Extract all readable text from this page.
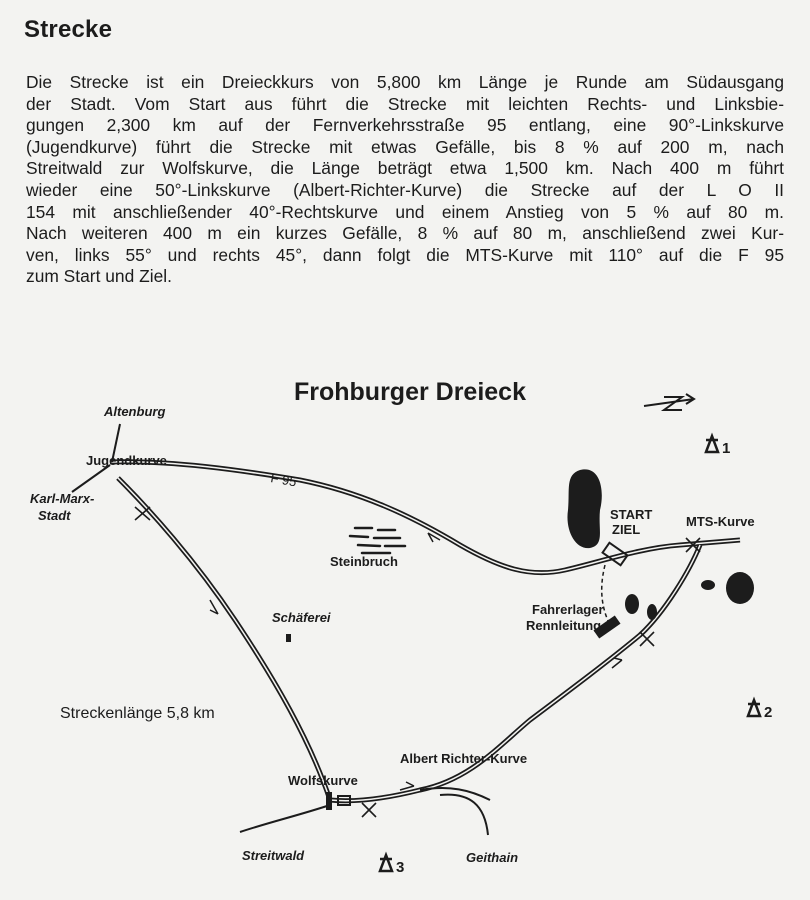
Strecke

Die Strecke ist ein Dreieckkurs von 5,800 km Länge je Runde am Südausgang
der Stadt. Vom Start aus führt die Strecke mit leichten Rechts- und Linksbie-
gungen 2,300 km auf der Fernverkehrsstraße 95 entlang, eine 90°-Linkskurve
(Jugendkurve) führt die Strecke mit etwas Gefälle, bis 8 % auf 200 m, nach
Streitwald zur Wolfskurve, die Länge beträgt etwa 1,500 km. Nach 400 m führt
wieder eine 50°-Linkskurve (Albert-Richter-Kurve) die Strecke auf der L O II
154 mit anschließender 40°-Rechtskurve und einem Anstieg von 5 % auf 80 m.
Nach weiteren 400 m ein kurzes Gefälle, 8 % auf 80 m, anschließend zwei Kur-
ven, links 55° und rechts 45°, dann folgt die MTS-Kurve mit 110° auf die F 95
zum Start und Ziel.

Frohburger Dreieck
1
2
3
Altenburg
Jugendkurve
Karl-Marx-
Stadt
F 95
Steinbruch
Schäferei
START
ZIEL
MTS-Kurve
Fahrerlager
Rennleitung
Streckenlänge 5,8 km
Albert Richter-Kurve
Wolfskurve
Streitwald	Geithain
